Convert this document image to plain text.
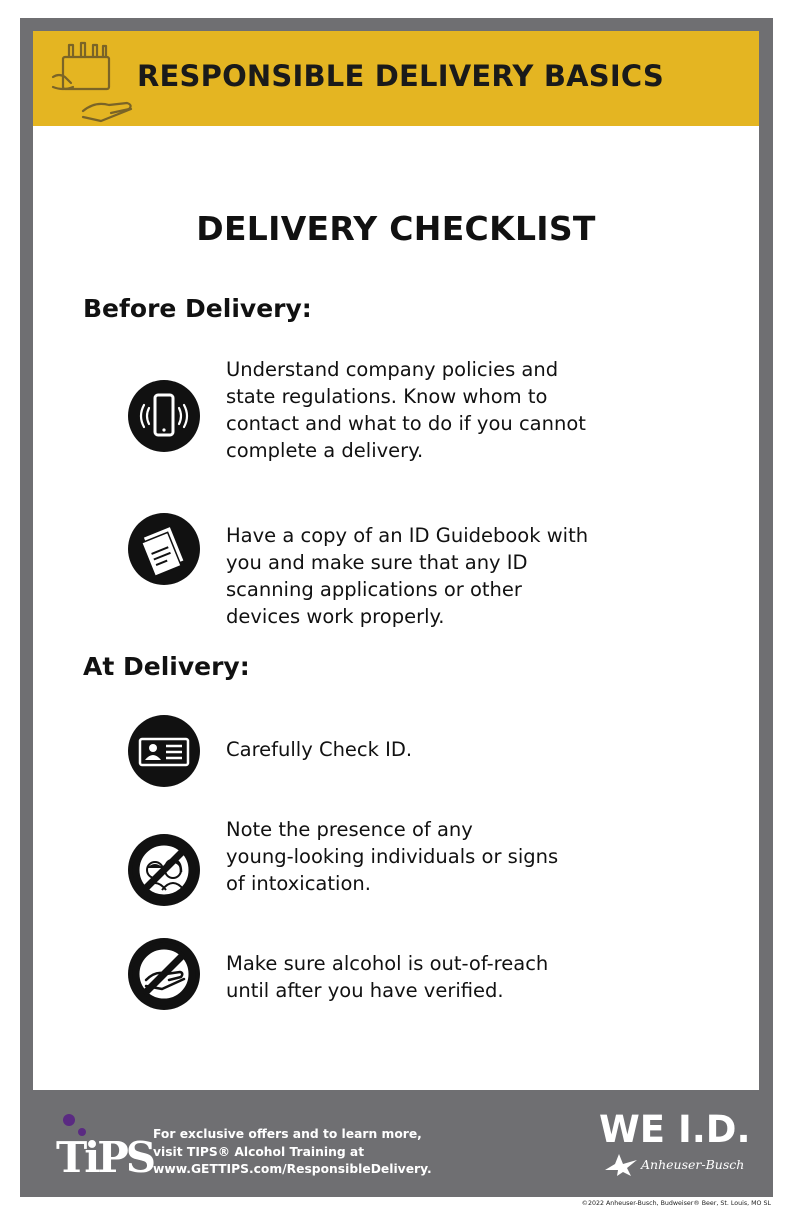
RESPONSIBLE DELIVERY BASICS
DELIVERY CHECKLIST
Before Delivery:
Understand company policies and
state regulations. Know whom to
contact and what to do if you cannot
complete a delivery.
Have a copy of an ID Guidebook with
you and make sure that any ID
scanning applications or other
devices work properly.
At Delivery:
Carefully Check ID.
Note the presence of any
young-looking individuals or signs
of intoxication.
Make sure alcohol is out-of-reach
until after you have verified.
TiPS For exclusive offers and to learn more,
visit TIPS® Alcohol Training at
www.GETTIPS.com/ResponsibleDelivery.
WE I.D.
Anheuser-Busch
©2022 Anheuser-Busch, Budweiser® Beer, St. Louis, MO SL
